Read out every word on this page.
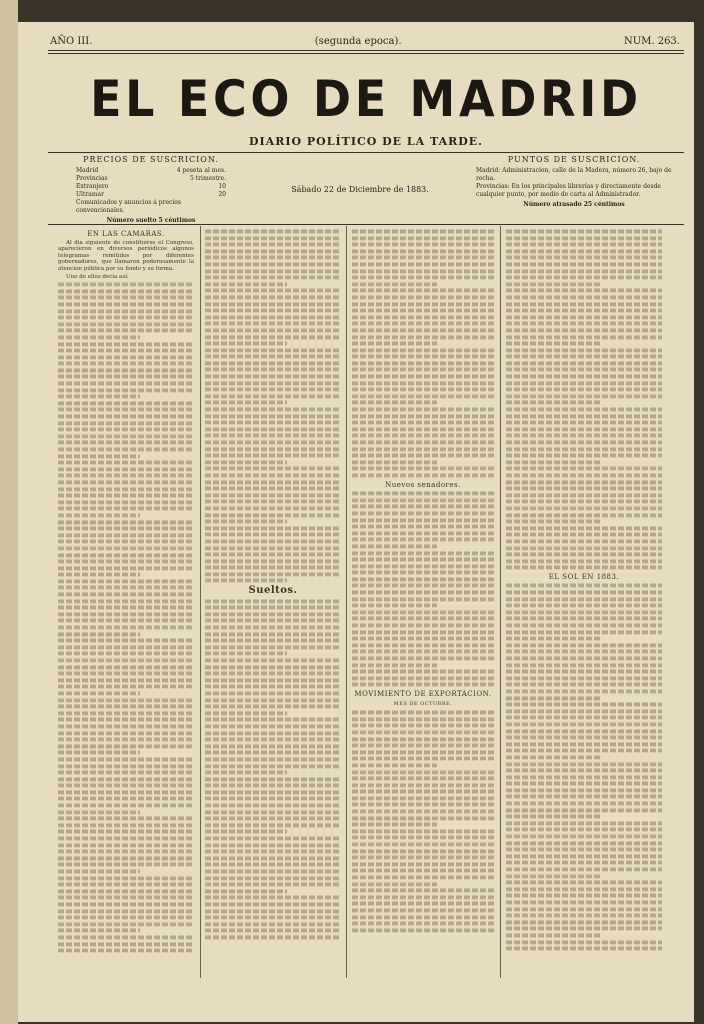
AÑO III.	(segunda epoca).	NUM. 263.
EL ECO DE MADRID
DIARIO POLÍTICO DE LA TARDE.
PRECIOS DE SUSCRICION.
Madrid	4 peseta al mes.
Provincias	5 trimestre.
Extranjero	10
Ultramar	20
Comunicados y anuncios á precios convencionales.
Número suelto 5 céntimos
Sábado 22 de Diciembre de 1883.
PUNTOS DE SUSCRICION.
Madrid: Administracion, calle de la Madera, número 26, bajo de recha.
Provincias: En los principales librerías y directamente desde cualquier punto, por medio de carta al Administrador.
Número atrasado 25 céntimos
EN LAS CAMARAS.

Al dia siguiente de constituirse el Congreso, aparecieron en diversos periódicos algunos telegramas remitidos por diferentes gobernadores, que llamaron poderosamente la atencion pública por su fondo y su forma.

Uno de ellos decía así:

Sueltos.
Nuevos senadores.
MOVIMIENTO DE EXPORTACION.
MES DE OCTUBRE.
EL SOL EN 1883.
